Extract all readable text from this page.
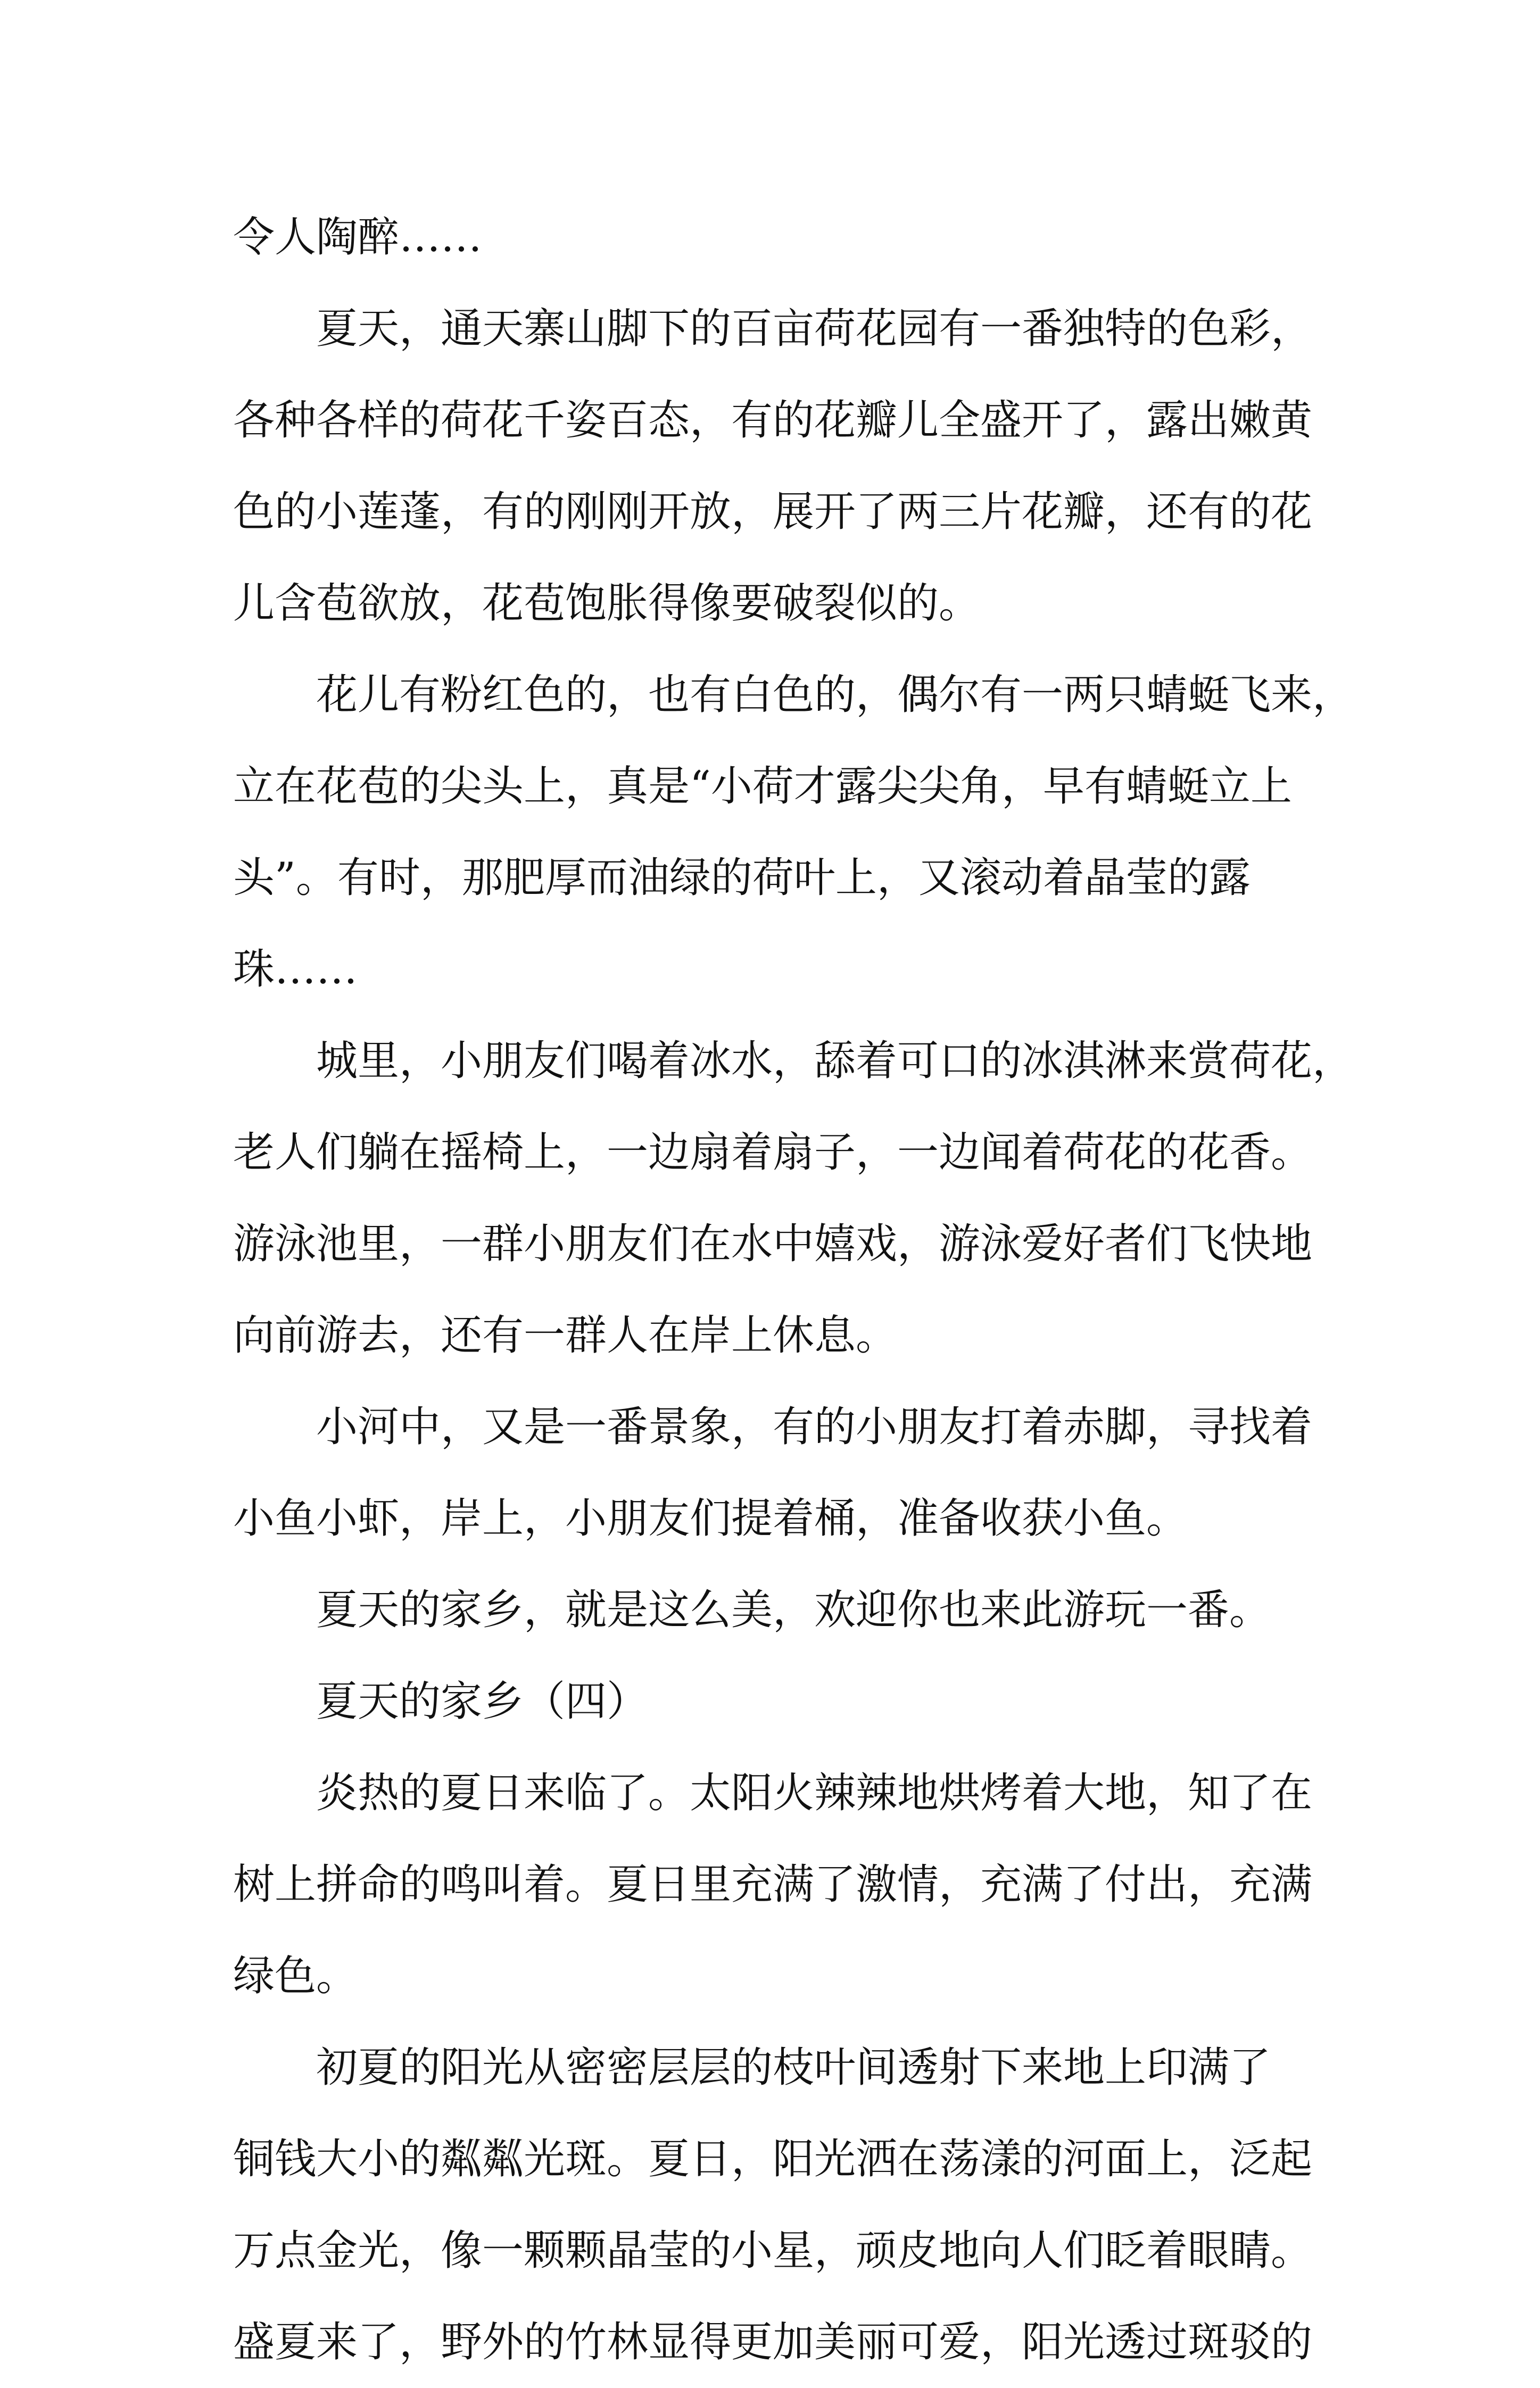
令人陶醉……

夏天，通天寨山脚下的百亩荷花园有一番独特的色彩，
各种各样的荷花千姿百态，有的花瓣儿全盛开了，露出嫩黄
色的小莲蓬，有的刚刚开放，展开了两三片花瓣，还有的花
儿含苞欲放，花苞饱胀得像要破裂似的。

花儿有粉红色的，也有白色的，偶尔有一两只蜻蜓飞来，
立在花苞的尖头上，真是“小荷才露尖尖角，早有蜻蜓立上
头”。有时，那肥厚而油绿的荷叶上，又滚动着晶莹的露
珠……

城里，小朋友们喝着冰水，舔着可口的冰淇淋来赏荷花，
老人们躺在摇椅上，一边扇着扇子，一边闻着荷花的花香。
游泳池里，一群小朋友们在水中嬉戏，游泳爱好者们飞快地
向前游去，还有一群人在岸上休息。

小河中，又是一番景象，有的小朋友打着赤脚，寻找着
小鱼小虾，岸上，小朋友们提着桶，准备收获小鱼。

夏天的家乡，就是这么美，欢迎你也来此游玩一番。

夏天的家乡（四）

炎热的夏日来临了。太阳火辣辣地烘烤着大地，知了在
树上拼命的鸣叫着。夏日里充满了激情，充满了付出，充满
绿色。

初夏的阳光从密密层层的枝叶间透射下来地上印满了
铜钱大小的粼粼光斑。夏日，阳光洒在荡漾的河面上，泛起
万点金光，像一颗颗晶莹的小星，顽皮地向人们眨着眼睛。
盛夏来了，野外的竹林显得更加美丽可爱，阳光透过斑驳的
